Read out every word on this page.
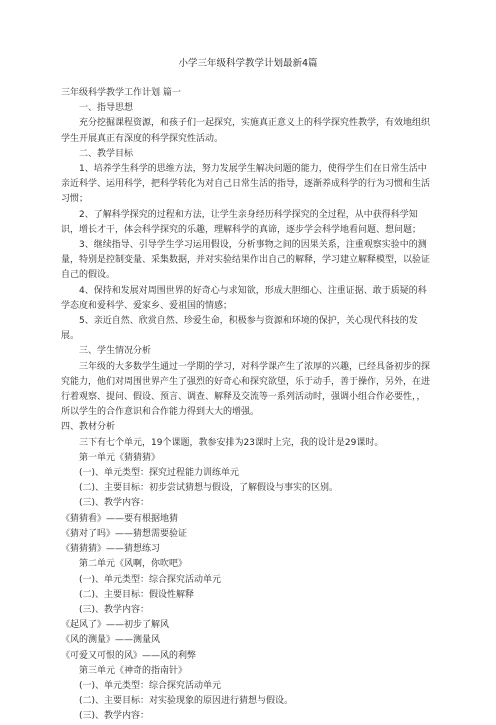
小学三年级科学教学计划最新4篇

三年级科学教学工作计划 篇一

一、指导思想

充分挖掘课程资源，和孩子们一起探究，实施真正意义上的科学探究性教学，有效地组织学生开展真正有深度的科学探究性活动。

二、教学目标

1、培养学生科学的思维方法，努力发展学生解决问题的能力，使得学生们在日常生活中亲近科学、运用科学，把科学转化为对自己日常生活的指导，逐渐养成科学的行为习惯和生活习惯；

2、了解科学探究的过程和方法，让学生亲身经历科学探究的全过程，从中获得科学知识，增长才干，体会科学探究的乐趣，理解科学的真谛，逐步学会科学地看问题、想问题；

3、继续指导、引导学生学习运用假设，分析事物之间的因果关系，注重观察实验中的测量，特别是控制变量、采集数据，并对实验结果作出自己的解释，学习建立解释模型，以验证自己的假设。

4、保持和发展对周围世界的好奇心与求知欲，形成大胆细心、注重证据、敢于质疑的科学态度和爱科学、爱家乡、爱祖国的情感；

5、亲近自然、欣赏自然、珍爱生命，积极参与资源和环境的保护，关心现代科技的发展。

三、学生情况分析

三年级的大多数学生通过一学期的学习，对科学课产生了浓厚的兴趣，已经具备初步的探究能力，他们对周围世界产生了强烈的好奇心和探究欲望，乐于动手，善于操作，另外，在进行着观察、提问、假设、预言、调查、解释及交流等一系列活动时，强调小组合作必要性，，所以学生的合作意识和合作能力得到大大的增强。

四、教材分析

三下有七个单元，19个课题，教参安排为23课时上完，我的设计是29课时。

第一单元《猜猜猜》

(一)、单元类型：探究过程能力训练单元

(二)、主要目标：初步尝试猜想与假设，了解假设与事实的区别。

(三)、教学内容：

《猜猜看》——要有根据地猜

《猜对了吗》——猜想需要验证

《猜猜猜》——猜想练习

第二单元《风啊，你吹吧》

(一)、单元类型：综合探究活动单元

(二)、主要目标：假设性解释

(三)、教学内容：

《起风了》——初步了解风

《风的测量》——测量风

《可爱又可恨的风》——风的利弊

第三单元《神奇的指南针》

(一)、单元类型：综合探究活动单元

(二)、主要目标：对实验现象的原因进行猜想与假设。

(三)、教学内容：
